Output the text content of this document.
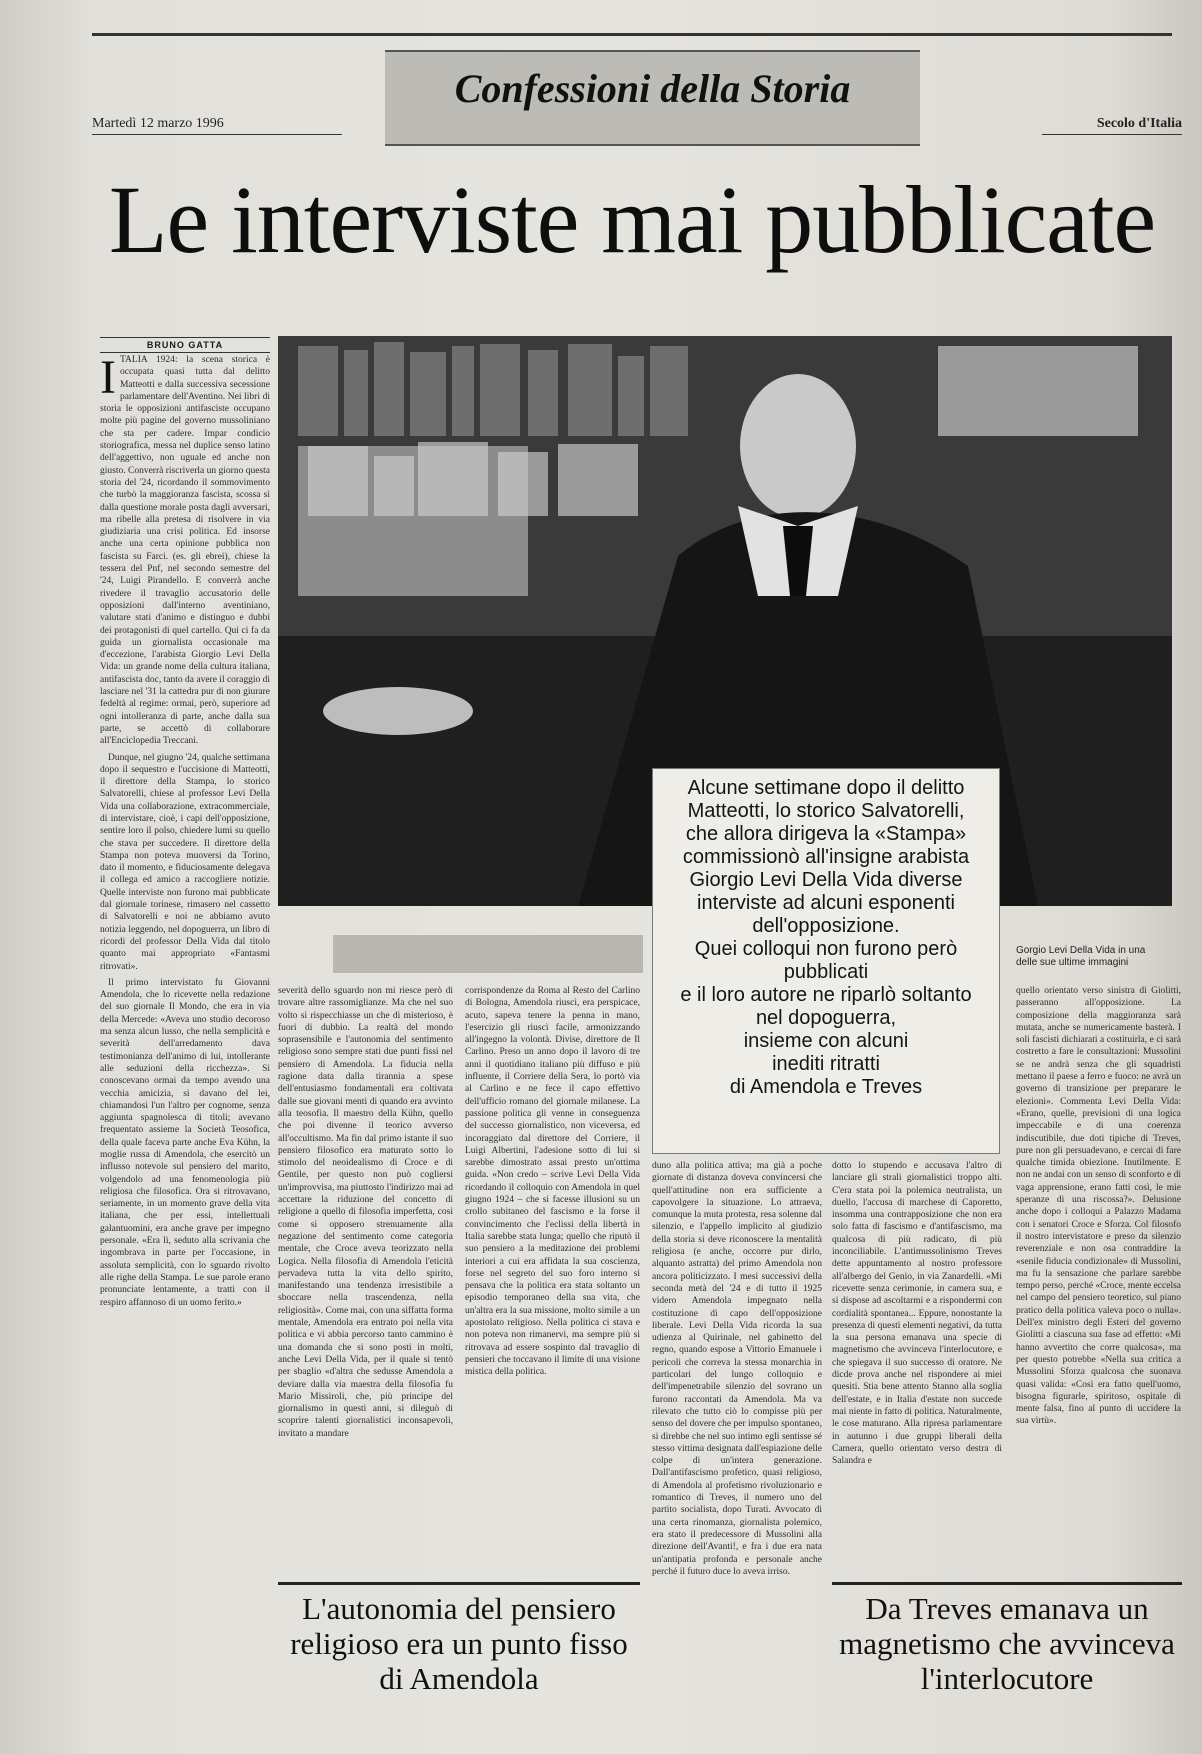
Confessioni della Storia
Martedì 12 marzo 1996	Secolo d'Italia
Le interviste mai pubblicate
BRUNO GATTA

ITALIA 1924: la scena storica è occupata quasi tutta dal delitto Matteotti e dalla successiva secessione parlamentare dell'Aventino. Nei libri di storia le opposizioni antifasciste occupano molte più pagine del governo mussoliniano che sta per cadere. Impar condicio storiografica, messa nel duplice senso latino dell'aggettivo, non uguale ed anche non giusto. Converrà riscriverla un giorno questa storia del '24, ricordando il sommovimento che turbò la maggioranza fascista, scossa sì dalla questione morale posta dagli avversari, ma ribelle alla pretesa di risolvere in via giudiziaria una crisi politica. Ed insorse anche una certa opinione pubblica non fascista su Farci. (es. gli ebrei), chiese la tessera del Pnf, nel secondo semestre del '24, Luigi Pirandello. E converrà anche rivedere il travaglio accusatorio delle opposizioni dall'interno aventiniano, valutare stati d'animo e distinguo e dubbi dei protagonisti di quel cartello. Qui ci fa da guida un giornalista occasionale ma d'eccezione, l'arabista Giorgio Levi Della Vida: un grande nome della cultura italiana, antifascista doc, tanto da avere il coraggio di lasciare nel '31 la cattedra pur di non giurare fedeltà al regime: ormai, però, superiore ad ogni intolleranza di parte, anche dalla sua parte, se accettò di collaborare all'Enciclopedia Treccani.

Dunque, nel giugno '24, qualche settimana dopo il sequestro e l'uccisione di Matteotti, il direttore della Stampa, lo storico Salvatorelli, chiese al professor Levi Della Vida una collaborazione, extracommerciale, di intervistare, cioè, i capi dell'opposizione, sentire loro il polso, chiedere lumi su quello che stava per succedere. Il direttore della Stampa non poteva muoversi da Torino, dato il momento, e fiduciosamente delegava il collega ed amico a raccogliere notizie. Quelle interviste non furono mai pubblicate dal giornale torinese, rimasero nel cassetto di Salvatorelli e noi ne abbiamo avuto notizia leggendo, nel dopoguerra, un libro di ricordi del professor Della Vida dal titolo quanto mai appropriato «Fantasmi ritrovati».

Il primo intervistato fu Giovanni Amendola, che lo ricevette nella redazione del suo giornale Il Mondo, che era in via della Mercede: «Aveva uno studio decoroso ma senza alcun lusso, che nella semplicità e severità dell'arredamento dava testimonianza dell'animo di lui, intollerante alle seduzioni della ricchezza». Si conoscevano ormai da tempo avendo una vecchia amicizia, si davano del lei, chiamandosi l'un l'altro per cognome, senza aggiunta spagnolesca di titoli; avevano frequentato assieme la Società Teosofica, della quale faceva parte anche Eva Kühn, la moglie russa di Amendola, che esercitò un influsso notevole sul pensiero del marito, volgendolo ad una fenomenologia più religiosa che filosofica. Ora si ritrovavano, seriamente, in un momento grave della vita italiana, che per essi, intellettuali galantuomini, era anche grave per impegno personale. «Era lì, seduto alla scrivania che ingombrava in parte per l'occasione, in assoluta semplicità, con lo sguardo rivolto alle righe della Stampa. Le sue parole erano pronunciate lentamente, a tratti con il respiro affannoso di un uomo ferito.»

Alcune settimane dopo il delitto
Matteotti, lo storico Salvatorelli,
che allora dirigeva la «Stampa»
commissionò all'insigne arabista
Giorgio Levi Della Vida diverse
interviste ad alcuni esponenti
dell'opposizione.
Quei colloqui non furono però
pubblicati
e il loro autore ne riparlò soltanto
nel dopoguerra,
insieme con alcuni
inediti ritratti
di Amendola e Treves
Gorgio Levi Della Vida in una
delle sue ultime immagini

severità dello sguardo non mi riesce però di trovare altre rassomiglianze. Ma che nel suo volto si rispecchiasse un che di misterioso, è fuori di dubbio. La realtà del mondo soprasensibile e l'autonomia del sentimento religioso sono sempre stati due punti fissi nel pensiero di Amendola. La fiducia nella ragione data dalla tirannia a spese dell'entusiasmo fondamentali era coltivata dalle sue giovani menti di quando era avvinto alla teosofia. Il maestro della Kühn, quello che poi divenne il teorico avverso all'occultismo. Ma fin dal primo istante il suo pensiero filosofico era maturato sotto lo stimolo del neoidealismo di Croce e di Gentile, per questo non può cogliersi un'improvvisa, ma piuttosto l'indirizzo mai ad accettare la riduzione del concetto di religione a quello di filosofia imperfetta, così come si opposero strenuamente alla negazione del sentimento come categoria mentale, che Croce aveva teorizzato nella Logica. Nella filosofia di Amendola l'eticità pervadeva tutta la vita dello spirito, manifestando una tendenza irresistibile a sboccare nella trascendenza, nella religiosità». Come mai, con una siffatta forma mentale, Amendola era entrato poi nella vita politica e vi abbia percorso tanto cammino è una domanda che si sono posti in molti, anche Levi Della Vida, per il quale si tentò per sbaglio «d'altra che sedusse Amendola a deviare dalla via maestra della filosofia fu Mario Missiroli, che, più principe del giornalismo in questi anni, si dileguò di scoprire talenti giornalistici inconsapevoli, invitato a mandare

corrispondenze da Roma al Resto del Carlino di Bologna, Amendola riuscì, era perspicace, acuto, sapeva tenere la penna in mano, l'esercizio gli riuscì facile, armonizzando all'ingegno la volontà. Divise, direttore de Il Carlino. Preso un anno dopo il lavoro di tre anni il quotidiano italiano più diffuso e più influente, il Corriere della Sera, lo portò via al Carlino e ne fece il capo effettivo dell'ufficio romano del giornale milanese. La passione politica gli venne in conseguenza del successo giornalistico, non viceversa, ed incoraggiato dal direttore del Corriere, il Luigi Albertini, l'adesione sotto di lui si sarebbe dimostrato assai presto un'ottima guida. «Non credo – scrive Levi Della Vida ricordando il colloquio con Amendola in quel giugno 1924 – che si facesse illusioni su un crollo subitaneo del fascismo e la forse il convincimento che l'eclissi della libertà in Italia sarebbe stata lunga; quello che riputò il suo pensiero a la meditazione dei problemi interiori a cui era affidata la sua coscienza, forse nel segreto del suo foro interno si pensava che la politica era stata soltanto un episodio temporaneo della sua vita, che un'altra era la sua missione, molto simile a un apostolato religioso. Nella politica ci stava e non poteva non rimanervi, ma sempre più si ritrovava ad essere sospinto dal travaglio di pensieri che toccavano il limite di una visione mistica della politica.

duno alla politica attiva; ma già a poche giornate di distanza doveva convincersi che quell'attitudine non era sufficiente a capovolgere la situazione. Lo attraeva, comunque la muta protesta, resa solenne dal silenzio, e l'appello implicito al giudizio della storia si deve riconoscere la mentalità religiosa (e anche, occorre pur dirlo, alquanto astratta) del primo Amendola non ancora politicizzato. I mesi successivi della seconda metà del '24 e di tutto il 1925 videro Amendola impegnato nella costituzione di capo dell'opposizione liberale. Levi Della Vida ricorda la sua udienza al Quirinale, nel gabinetto del regno, quando espose a Vittorio Emanuele i pericoli che correva la stessa monarchia in particolari del lungo colloquio e dell'impenetrabile silenzio del sovrano un furono raccontati da Amendola. Ma va rilevato che tutto ciò lo compisse più per senso del dovere che per impulso spontaneo, si direbbe che nel suo intimo egli sentisse sé stesso vittima designata dall'espiazione delle colpe di un'intera generazione. Dall'antifascismo profetico, quasi religioso, di Amendola al profetismo rivoluzionario e romantico di Treves, il numero uno del partito socialista, dopo Turati. Avvocato di una certa rinomanza, giornalista polemico, era stato il predecessore di Mussolini alla direzione dell'Avanti!, e fra i due era nata un'antipatia profonda e personale anche perché il futuro duce lo aveva irriso.

dotto lo stupendo e accusava l'altro di lanciare gli strali giornalistici troppo alti. C'era stata poi la polemica neutralista, un duello, l'accusa di marchese di Caporetto, insomma una contrapposizione che non era solo fatta di fascismo e d'antifascismo, ma qualcosa di più radicato, di più inconciliabile. L'antimussolinismo Treves dette appuntamento al nostro professore all'albergo del Genio, in via Zanardelli. «Mi ricevette senza cerimonie, in camera sua, e si dispose ad ascoltarmi e a rispondermi con cordialità spontanea... Eppure, nonostante la presenza di questi elementi negativi, da tutta la sua persona emanava una specie di magnetismo che avvinceva l'interlocutore, e che spiegava il suo successo di oratore. Ne dicde prova anche nel rispondere ai miei quesiti. Stia bene attento Stanno alla soglia dell'estate, e in Italia d'estate non succede mai niente in fatto di politica. Naturalmente, le cose maturano. Alla ripresa parlamentare in autunno i due gruppi liberali della Camera, quello orientato verso destra di Salandra e

quello orientato verso sinistra di Giolitti, passeranno all'opposizione. La composizione della maggioranza sarà mutata, anche se numericamente basterà. I soli fascisti dichiarati a costituirla, e ci sarà costretto a fare le consultazioni: Mussolini se ne andrà senza che gli squadristi mettano il paese a ferro e fuoco: ne avrà un governo di transizione per preparare le elezioni». Commenta Levi Della Vida: «Erano, quelle, previsioni di una logica impeccabile e di una coerenza indiscutibile, due doti tipiche di Treves, pure non gli persuadevano, e cercai di fare qualche timida obiezione. Inutilmente. E non ne andai con un senso di sconforto e di vaga apprensione, erano fatti così, le mie speranze di una riscossa?». Delusione anche dopo i colloqui a Palazzo Madama con i senatori Croce e Sforza. Col filosofo il nostro intervistatore e preso da silenzio reverenziale e non osa contraddire la «senile fiducia condizionale» di Mussolini, ma fu la sensazione che parlare sarebbe tempo perso, perché «Croce, mente eccelsa nel campo del pensiero teoretico, sul piano pratico della politica valeva poco o nulla». Dell'ex ministro degli Esteri del governo Giolitti a ciascuna sua fase ad effetto: «Mi hanno avvertito che corre qualcosa», ma per questo potrebbe «Nella sua critica a Mussolini Sforza qualcosa che suonava quasi valida: «Così era fatto quell'uomo, bisogna figurarle, spiritoso, ospitale di mente falsa, fino al punto di uccidere la sua virtù».

L'autonomia del pensiero
religioso era un punto fisso
di Amendola
Da Treves emanava un
magnetismo che avvinceva
l'interlocutore
